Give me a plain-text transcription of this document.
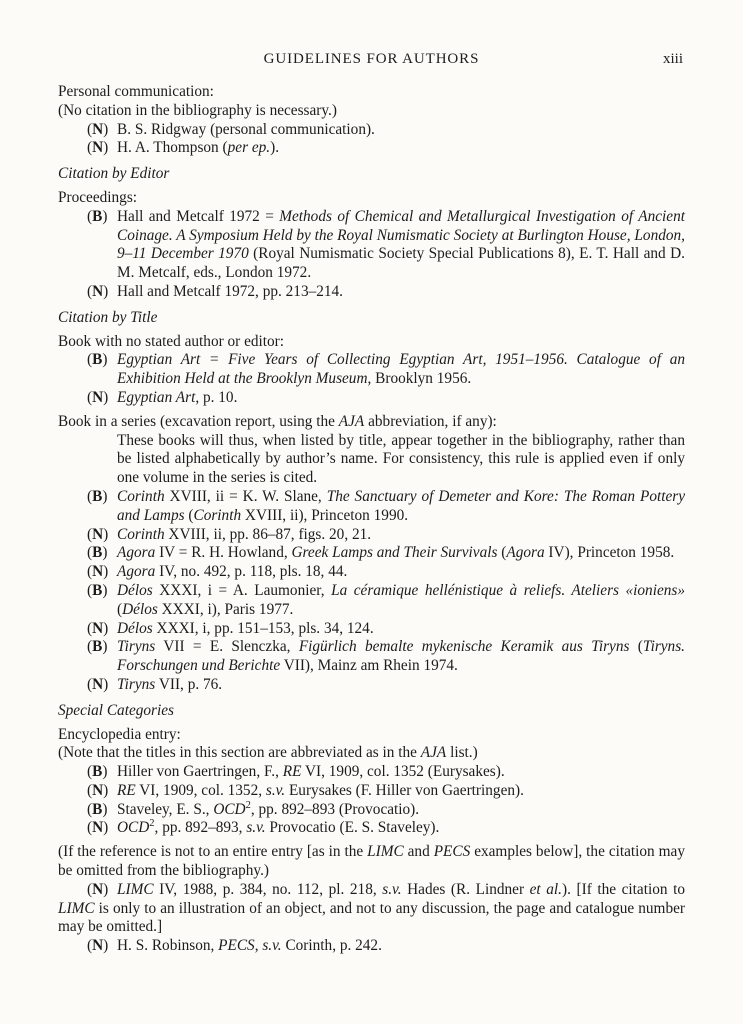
GUIDELINES FOR AUTHORS	xiii
Personal communication:
(No citation in the bibliography is necessary.)
(N) B. S. Ridgway (personal communication).
(N) H. A. Thompson (per ep.).
Citation by Editor
Proceedings:
(B) Hall and Metcalf 1972 = Methods of Chemical and Metallurgical Investigation of Ancient Coinage. A Symposium Held by the Royal Numismatic Society at Burlington House, London, 9–11 December 1970 (Royal Numismatic Society Special Publications 8), E. T. Hall and D. M. Metcalf, eds., London 1972.
(N) Hall and Metcalf 1972, pp. 213–214.
Citation by Title
Book with no stated author or editor:
(B) Egyptian Art = Five Years of Collecting Egyptian Art, 1951–1956. Catalogue of an Exhibition Held at the Brooklyn Museum, Brooklyn 1956.
(N) Egyptian Art, p. 10.
Book in a series (excavation report, using the AJA abbreviation, if any):
These books will thus, when listed by title, appear together in the bibliography, rather than be listed alphabetically by author’s name. For consistency, this rule is applied even if only one volume in the series is cited.
(B) Corinth XVIII, ii = K. W. Slane, The Sanctuary of Demeter and Kore: The Roman Pottery and Lamps (Corinth XVIII, ii), Princeton 1990.
(N) Corinth XVIII, ii, pp. 86–87, figs. 20, 21.
(B) Agora IV = R. H. Howland, Greek Lamps and Their Survivals (Agora IV), Princeton 1958.
(N) Agora IV, no. 492, p. 118, pls. 18, 44.
(B) Délos XXXI, i = A. Laumonier, La céramique hellénistique à reliefs. Ateliers «ioniens» (Délos XXXI, i), Paris 1977.
(N) Délos XXXI, i, pp. 151–153, pls. 34, 124.
(B) Tiryns VII = E. Slenczka, Figürlich bemalte mykenische Keramik aus Tiryns (Tiryns. Forschungen und Berichte VII), Mainz am Rhein 1974.
(N) Tiryns VII, p. 76.
Special Categories
Encyclopedia entry:
(Note that the titles in this section are abbreviated as in the AJA list.)
(B) Hiller von Gaertringen, F., RE VI, 1909, col. 1352 (Eurysakes).
(N) RE VI, 1909, col. 1352, s.v. Eurysakes (F. Hiller von Gaertringen).
(B) Staveley, E. S., OCD$^2$, pp. 892–893 (Provocatio).
(N) OCD$^2$, pp. 892–893, s.v. Provocatio (E. S. Staveley).
(If the reference is not to an entire entry [as in the LIMC and PECS examples below], the citation may be omitted from the bibliography.)
(N) LIMC IV, 1988, p. 384, no. 112, pl. 218, s.v. Hades (R. Lindner et al.). [If the citation to LIMC is only to an illustration of an object, and not to any discussion, the page and catalogue number may be omitted.]
(N) H. S. Robinson, PECS, s.v. Corinth, p. 242.
